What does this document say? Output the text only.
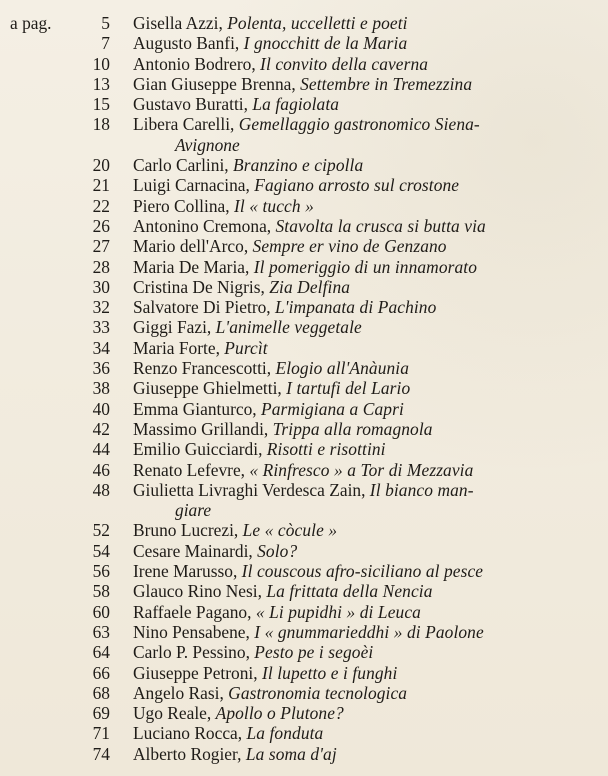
a pag.	5 Gisella Azzi, Polenta, uccelletti e poeti
7 Augusto Banfi, I gnocchitt de la Maria
10 Antonio Bodrero, Il convito della caverna
13 Gian Giuseppe Brenna, Settembre in Tremezzina
15 Gustavo Buratti, La fagiolata
18 Libera Carelli, Gemellaggio gastronomico Siena-
Avignone
20 Carlo Carlini, Branzino e cipolla
21 Luigi Carnacina, Fagiano arrosto sul crostone
22 Piero Collina, Il « tucch »
26 Antonino Cremona, Stavolta la crusca si butta via
27 Mario dell'Arco, Sempre er vino de Genzano
28 Maria De Maria, Il pomeriggio di un innamorato
30 Cristina De Nigris, Zia Delfina
32 Salvatore Di Pietro, L'impanata di Pachino
33 Giggi Fazi, L'animelle veggetale
34 Maria Forte, Purcìt
36 Renzo Francescotti, Elogio all'Anàunia
38 Giuseppe Ghielmetti, I tartufi del Lario
40 Emma Gianturco, Parmigiana a Capri
42 Massimo Grillandi, Trippa alla romagnola
44 Emilio Guicciardi, Risotti e risottini
46 Renato Lefevre, « Rinfresco » a Tor di Mezzavia
48 Giulietta Livraghi Verdesca Zain, Il bianco man-
giare
52 Bruno Lucrezi, Le « còcule »
54 Cesare Mainardi, Solo?
56 Irene Marusso, Il couscous afro-siciliano al pesce
58 Glauco Rino Nesi, La frittata della Nencia
60 Raffaele Pagano, « Li pupidhi » di Leuca
63 Nino Pensabene, I « gnummarieddhi » di Paolone
64 Carlo P. Pessino, Pesto pe i segoèi
66 Giuseppe Petroni, Il lupetto e i funghi
68 Angelo Rasi, Gastronomia tecnologica
69 Ugo Reale, Apollo o Plutone?
71 Luciano Rocca, La fonduta
74 Alberto Rogier, La soma d'aj
